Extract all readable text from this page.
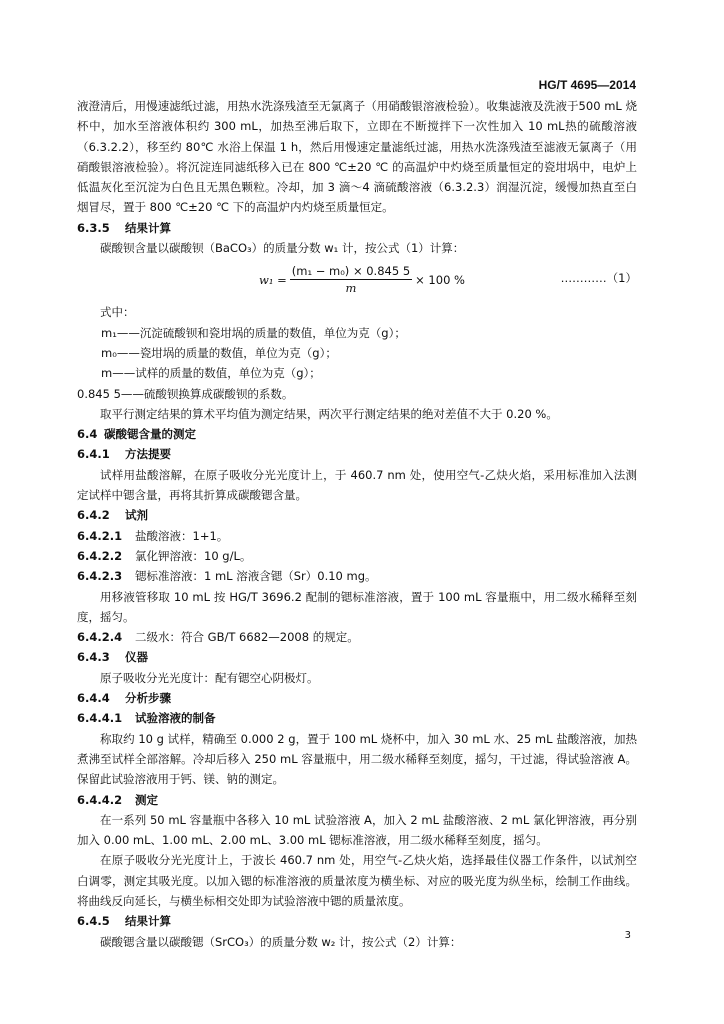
HG/T 4695—2014

液澄清后，用慢速滤纸过滤，用热水洗涤残渣至无氯离子（用硝酸银溶液检验）。收集滤液及洗液于500 mL 烧杯中，加水至溶液体积约 300 mL，加热至沸后取下，立即在不断搅拌下一次性加入 10 mL热的硫酸溶液（6.3.2.2），移至约 80℃ 水浴上保温 1 h，然后用慢速定量滤纸过滤，用热水洗涤残渣至滤液无氯离子（用硝酸银溶液检验）。将沉淀连同滤纸移入已在 800 ℃±20 ℃ 的高温炉中灼烧至质量恒定的瓷坩埚中，电炉上低温灰化至沉淀为白色且无黑色颗粒。冷却，加 3 滴～4 滴硫酸溶液（6.3.2.3）润湿沉淀，缓慢加热直至白烟冒尽，置于 800 ℃±20 ℃ 下的高温炉内灼烧至质量恒定。

6.3.5 结果计算

碳酸钡含量以碳酸钡（BaCO₃）的质量分数 w₁ 计，按公式（1）计算：

$w_1 = \frac{\text{(m₁ − m₀) × 0.845 5}}{m} \times 100$ %	…………（1）

式中：

m₁——沉淀硫酸钡和瓷坩埚的质量的数值，单位为克（g）；

m₀——瓷坩埚的质量的数值，单位为克（g）；

m——试样的质量的数值，单位为克（g）；

0.845 5——硫酸钡换算成碳酸钡的系数。

取平行测定结果的算术平均值为测定结果，两次平行测定结果的绝对差值不大于 0.20 %。

6.4 碳酸锶含量的测定

6.4.1 方法提要

试样用盐酸溶解，在原子吸收分光光度计上，于 460.7 nm 处，使用空气-乙炔火焰，采用标准加入法测定试样中锶含量，再将其折算成碳酸锶含量。

6.4.2 试剂

6.4.2.1 盐酸溶液：1+1。

6.4.2.2 氯化钾溶液：10 g/L。

6.4.2.3 锶标准溶液：1 mL 溶液含锶（Sr）0.10 mg。

用移液管移取 10 mL 按 HG/T 3696.2 配制的锶标准溶液，置于 100 mL 容量瓶中，用二级水稀释至刻度，摇匀。

6.4.2.4 二级水：符合 GB/T 6682—2008 的规定。

6.4.3 仪器

原子吸收分光光度计：配有锶空心阴极灯。

6.4.4 分析步骤

6.4.4.1 试验溶液的制备

称取约 10 g 试样，精确至 0.000 2 g，置于 100 mL 烧杯中，加入 30 mL 水、25 mL 盐酸溶液，加热煮沸至试样全部溶解。冷却后移入 250 mL 容量瓶中，用二级水稀释至刻度，摇匀，干过滤，得试验溶液 A。保留此试验溶液用于钙、镁、钠的测定。

6.4.4.2 测定

在一系列 50 mL 容量瓶中各移入 10 mL 试验溶液 A，加入 2 mL 盐酸溶液、2 mL 氯化钾溶液，再分别加入 0.00 mL、1.00 mL、2.00 mL、3.00 mL 锶标准溶液，用二级水稀释至刻度，摇匀。

在原子吸收分光光度计上，于波长 460.7 nm 处，用空气-乙炔火焰，选择最佳仪器工作条件，以试剂空白调零，测定其吸光度。以加入锶的标准溶液的质量浓度为横坐标、对应的吸光度为纵坐标，绘制工作曲线。将曲线反向延长，与横坐标相交处即为试验溶液中锶的质量浓度。

6.4.5 结果计算

碳酸锶含量以碳酸锶（SrCO₃）的质量分数 w₂ 计，按公式（2）计算：	3
